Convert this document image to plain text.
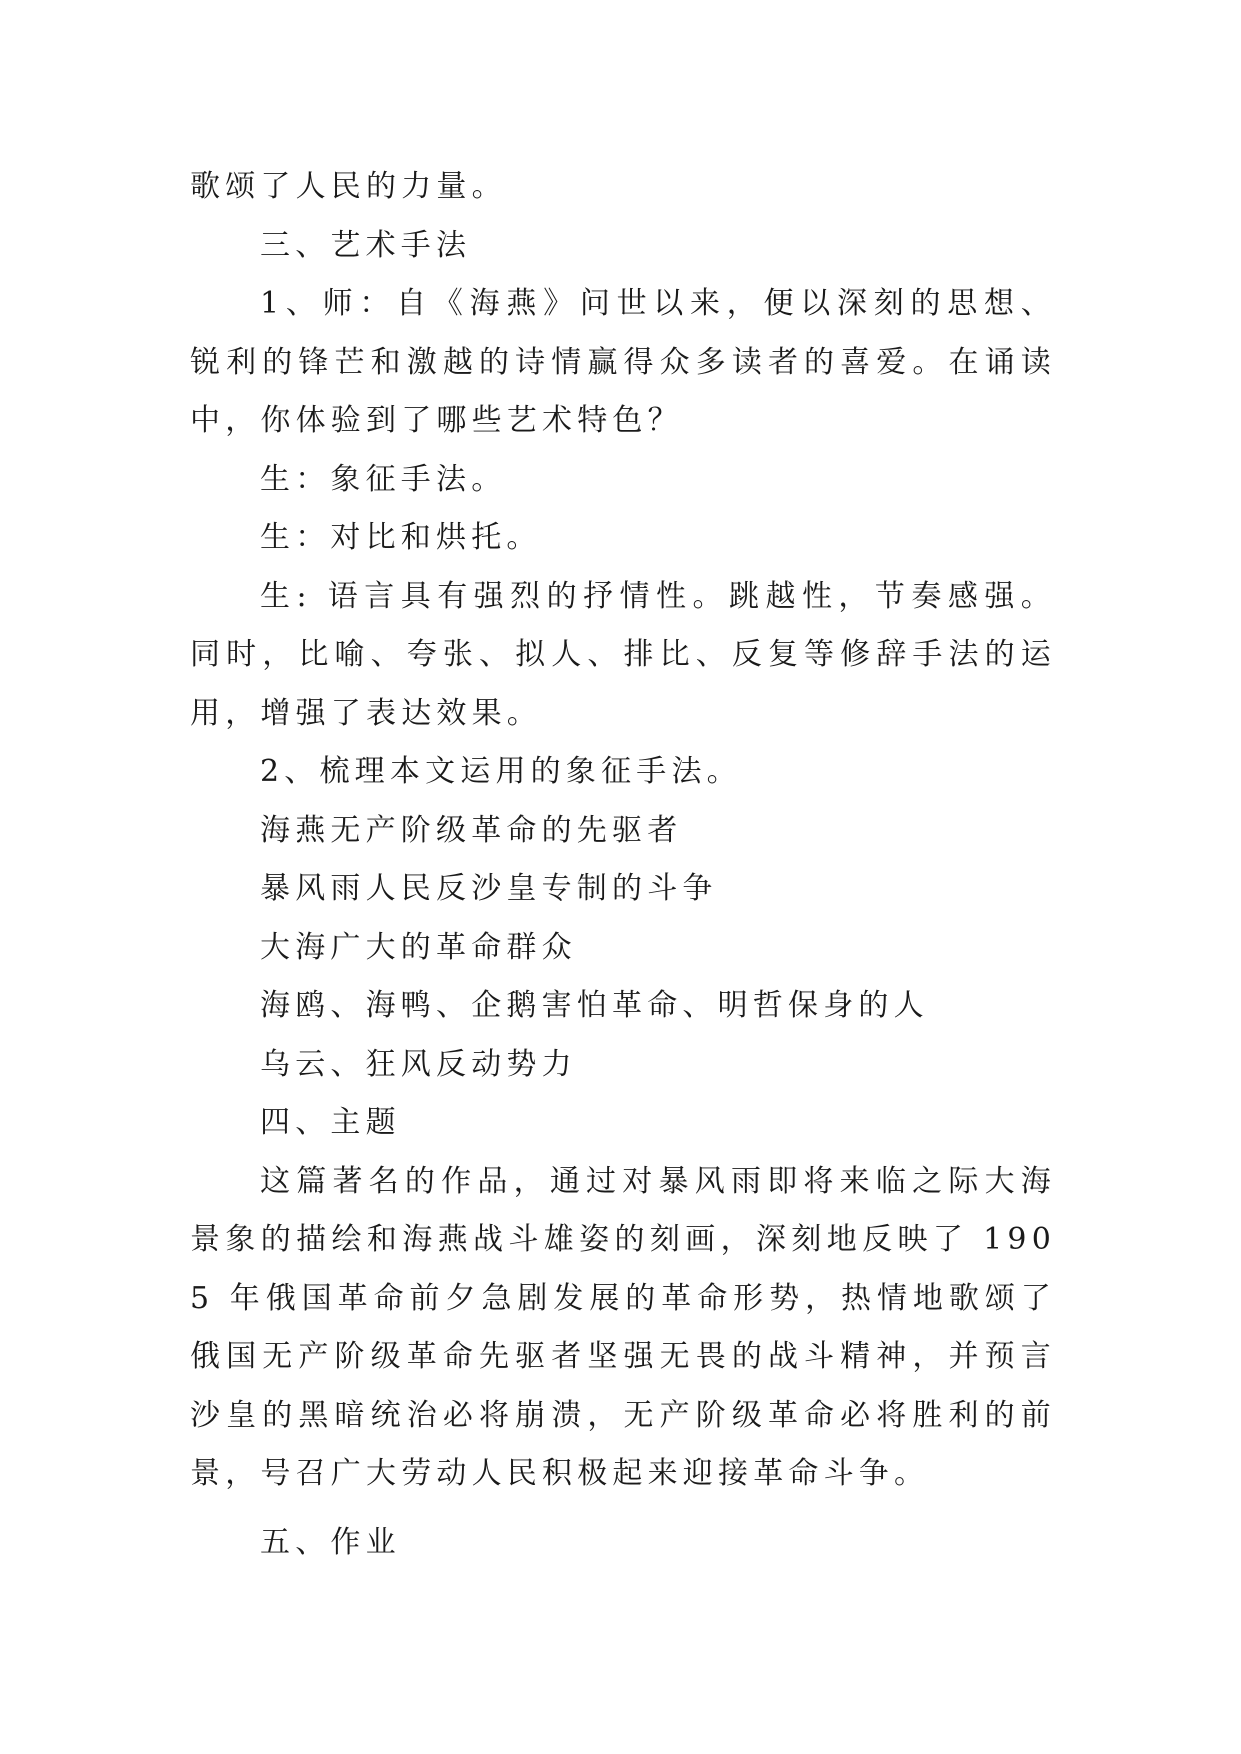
歌颂了人民的力量。

三、艺术手法

1、师：自《海燕》问世以来，便以深刻的思想、锐利的锋芒和激越的诗情赢得众多读者的喜爱。在诵读中，你体验到了哪些艺术特色？

生：象征手法。

生：对比和烘托。

生: 语言具有强烈的抒情性。跳越性，节奏感强。同时，比喻、夸张、拟人、排比、反复等修辞手法的运用，增强了表达效果。

2、梳理本文运用的象征手法。

海燕无产阶级革命的先驱者

暴风雨人民反沙皇专制的斗争

大海广大的革命群众

海鸥、海鸭、企鹅害怕革命、明哲保身的人

乌云、狂风反动势力

四、主题

这篇著名的作品，通过对暴风雨即将来临之际大海景象的描绘和海燕战斗雄姿的刻画，深刻地反映了 1905 年俄国革命前夕急剧发展的革命形势，热情地歌颂了俄国无产阶级革命先驱者坚强无畏的战斗精神，并预言沙皇的黑暗统治必将崩溃，无产阶级革命必将胜利的前景，号召广大劳动人民积极起来迎接革命斗争。

五、作业
